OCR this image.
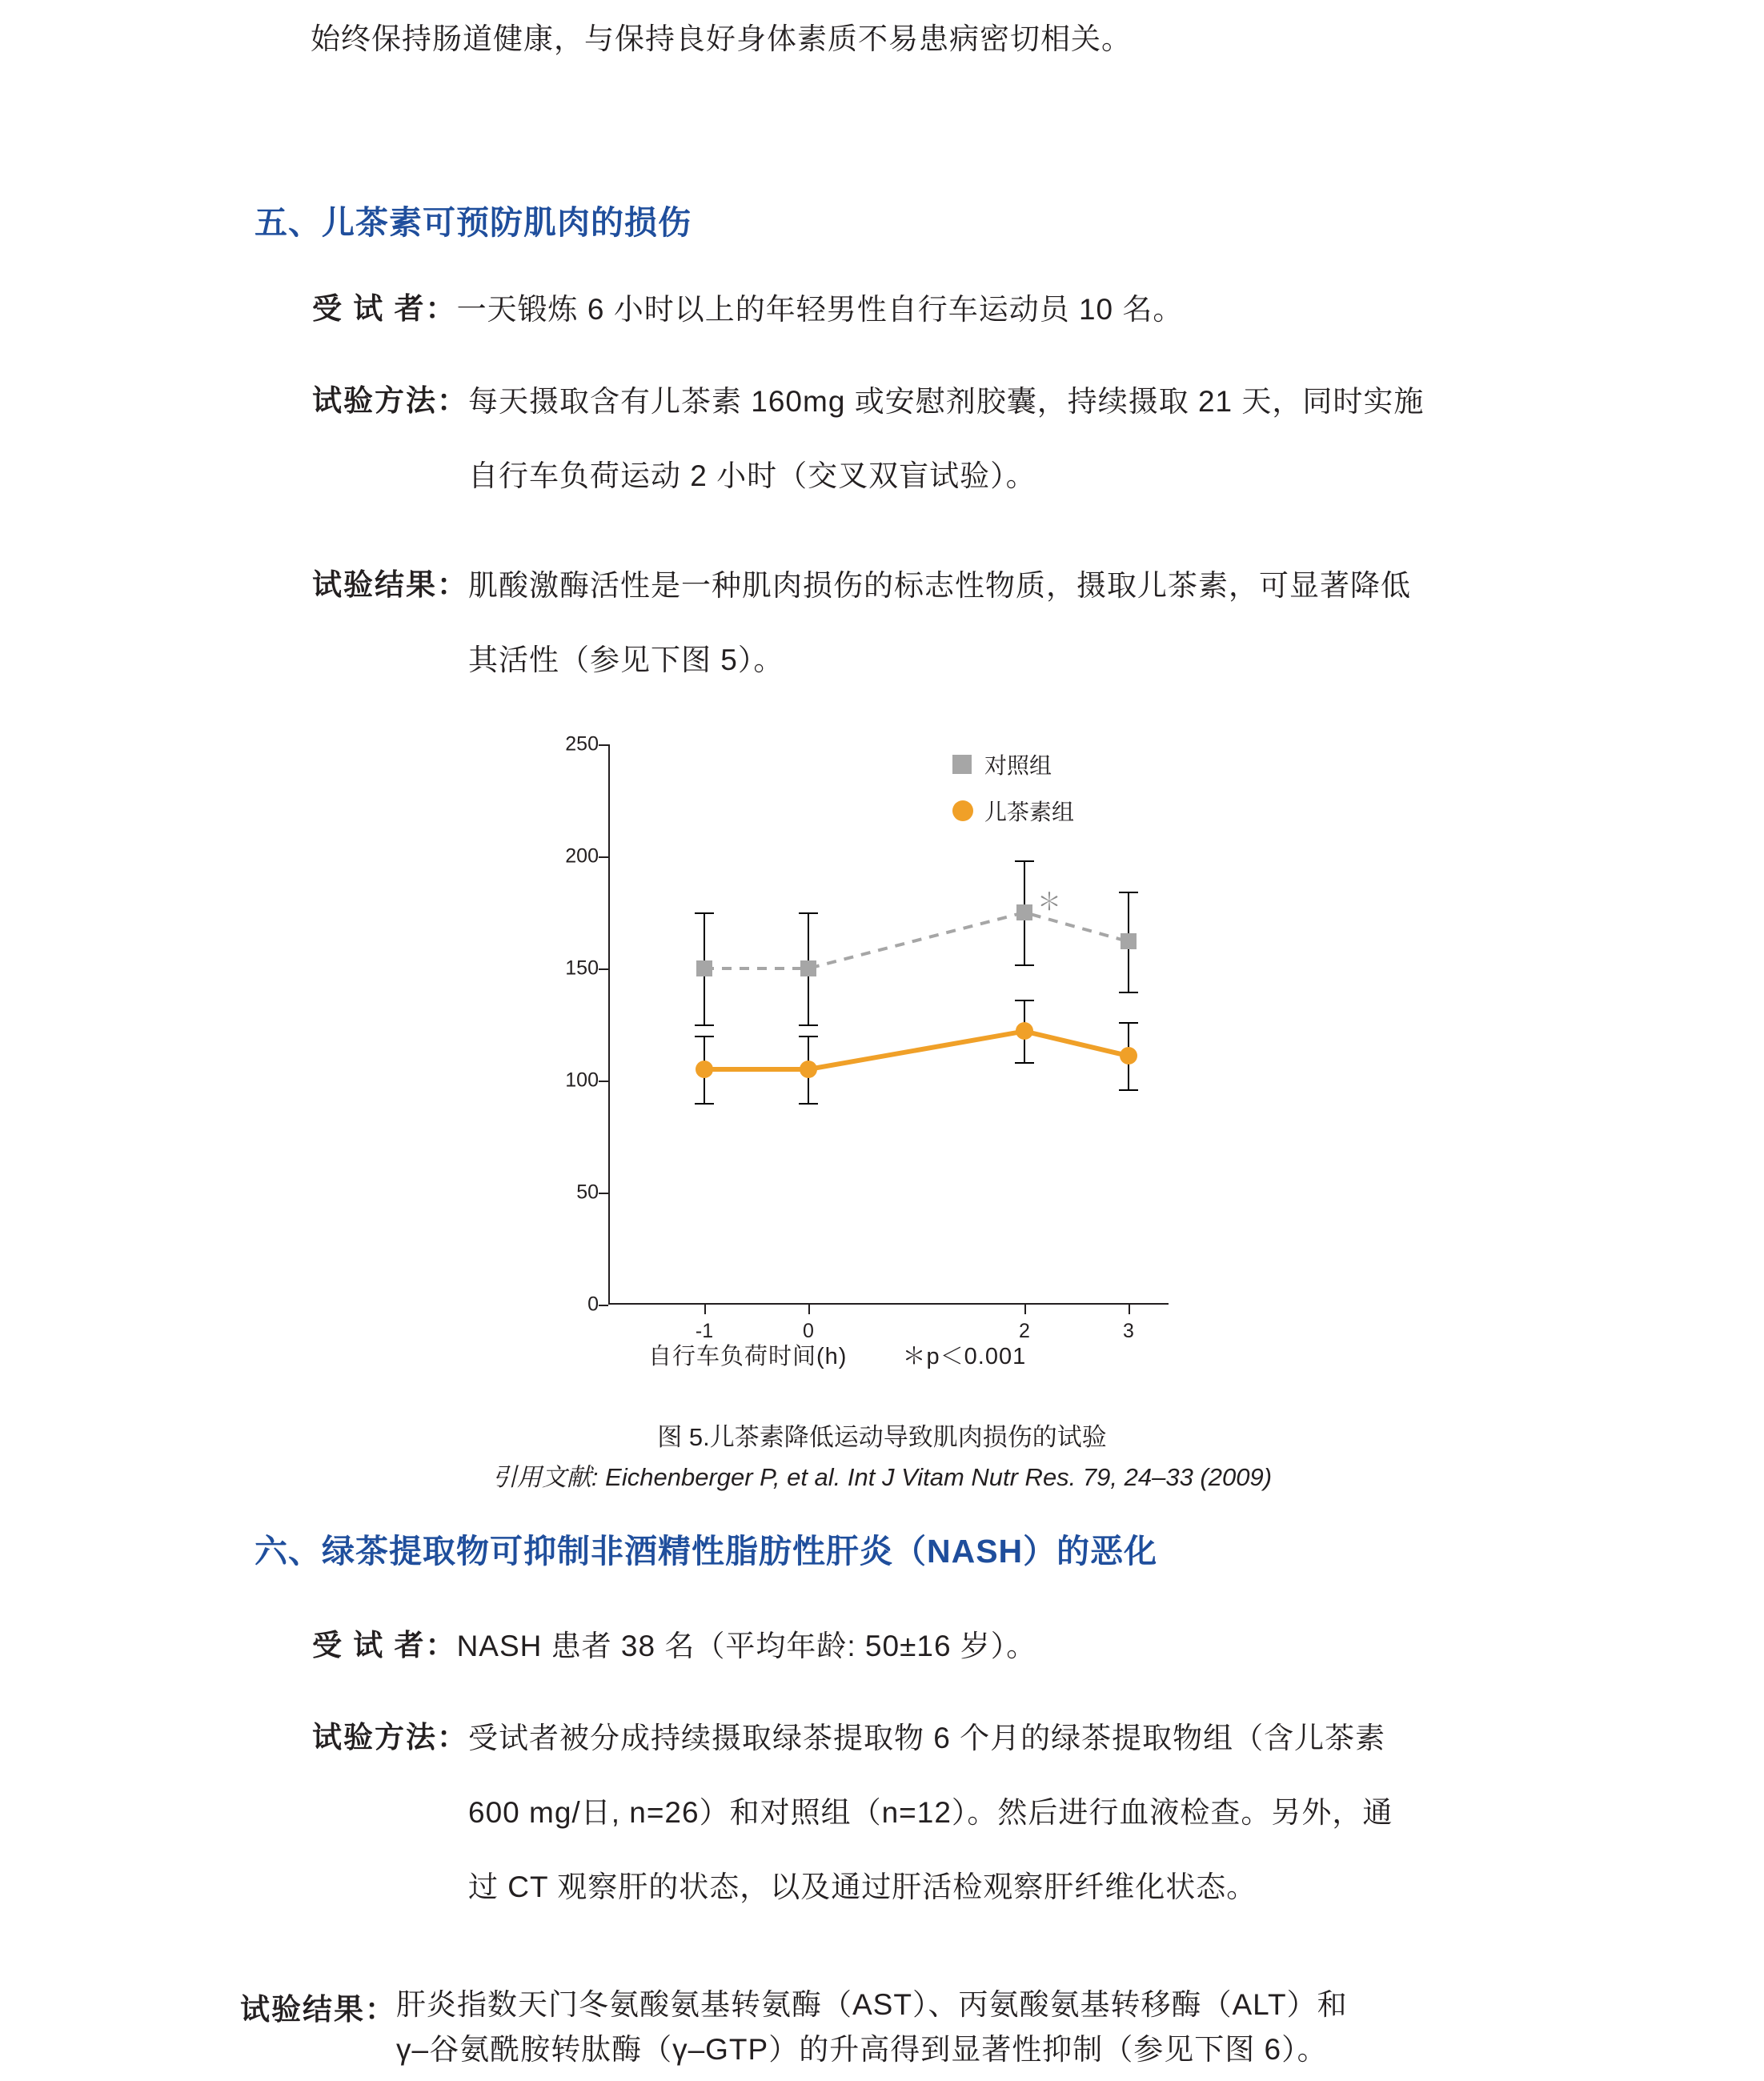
始终保持肠道健康，与保持良好身体素质不易患病密切相关。
五、儿茶素可预防肌肉的损伤
受 试 者： 一天锻炼 6 小时以上的年轻男性自行车运动员 10 名。
试验方法： 每天摄取含有儿茶素 160mg 或安慰剂胶囊，持续摄取 21 天，同时实施
自行车负荷运动 2 小时（交叉双盲试验）。
试验结果： 肌酸激酶活性是一种肌肉损伤的标志性物质，摄取儿茶素，可显著降低
其活性（参见下图 5）。
0
50
100
150
200
250
-1	0	2	3
＊
对照组
儿茶素组
自行车负荷时间(h) ＊p＜0.001
图 5.儿茶素降低运动导致肌肉损伤的试验
引用文献: Eichenberger P, et al. Int J Vitam Nutr Res. 79, 24–33 (2009)
六、绿茶提取物可抑制非酒精性脂肪性肝炎（NASH）的恶化
受 试 者： NASH 患者 38 名（平均年龄: 50±16 岁）。
试验方法： 受试者被分成持续摄取绿茶提取物 6 个月的绿茶提取物组（含儿茶素
600 mg/日, n=26）和对照组（n=12）。然后进行血液检查。另外，通
过 CT 观察肝的状态，以及通过肝活检观察肝纤维化状态。
试验结果： 肝炎指数天门冬氨酸氨基转氨酶（AST）、丙氨酸氨基转移酶（ALT）和
γ–谷氨酰胺转肽酶（γ–GTP）的升高得到显著性抑制（参见下图 6）。
